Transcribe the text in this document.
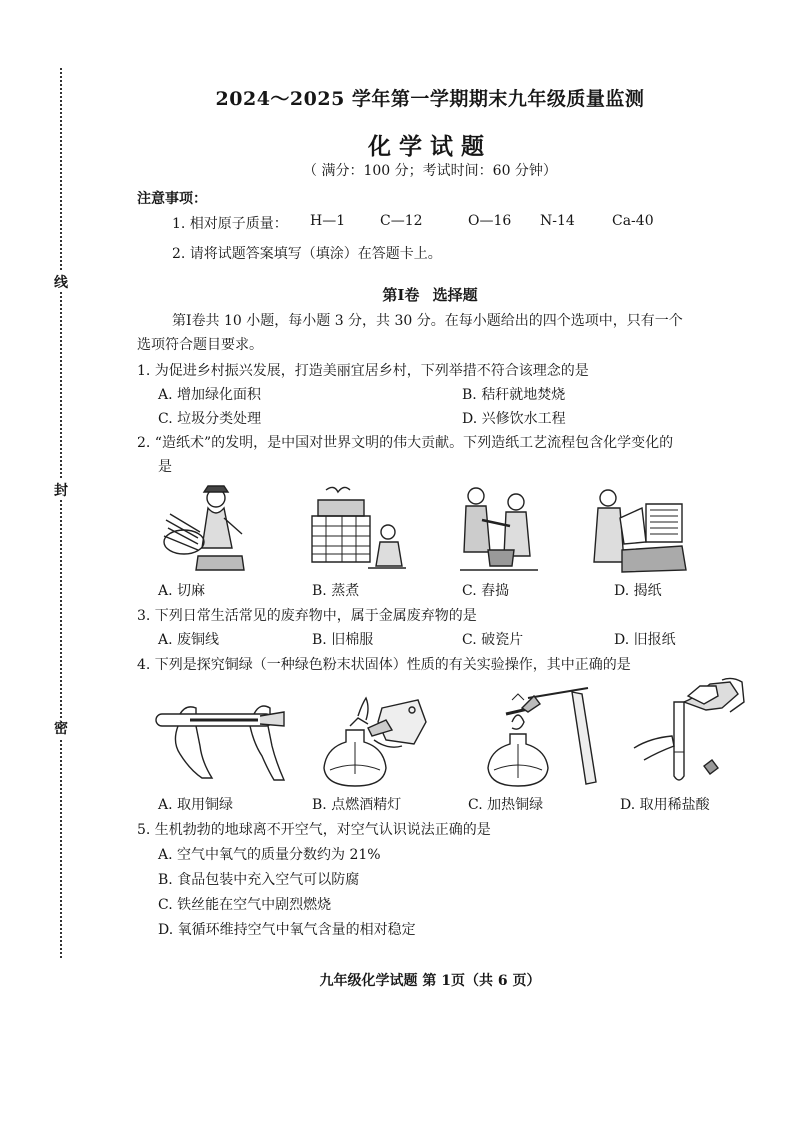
线
封
密
2024～2025 学年第一学期期末九年级质量监测
化学试题
（ 满分：100 分；考试时间：60 分钟）
注意事项：
1. 相对原子质量： H—1 C—12	O—16 N-14	Ca-40
2. 请将试题答案填写（填涂）在答题卡上。
第Ⅰ卷 选择题
第Ⅰ卷共 10 小题，每小题 3 分，共 30 分。在每小题给出的四个选项中，只有一个
选项符合题目要求。
1. 为促进乡村振兴发展，打造美丽宜居乡村，下列举措不符合该理念的是
A. 增加绿化面积	B. 秸秆就地焚烧
C. 垃圾分类处理	D. 兴修饮水工程
2. “造纸术”的发明，是中国对世界文明的伟大贡献。下列造纸工艺流程包含化学变化的
是
A. 切麻	B. 蒸煮	C. 舂捣	D. 揭纸
3. 下列日常生活常见的废弃物中，属于金属废弃物的是
A. 废铜线	B. 旧棉服	C. 破瓷片	D. 旧报纸
4. 下列是探究铜绿（一种绿色粉末状固体）性质的有关实验操作，其中正确的是
A. 取用铜绿	B. 点燃酒精灯	C. 加热铜绿	D. 取用稀盐酸
5. 生机勃勃的地球离不开空气，对空气认识说法正确的是
A. 空气中氧气的质量分数约为 21%
B. 食品包装中充入空气可以防腐
C. 铁丝能在空气中剧烈燃烧
D. 氧循环维持空气中氧气含量的相对稳定
九年级化学试题 第 1页（共 6 页）
